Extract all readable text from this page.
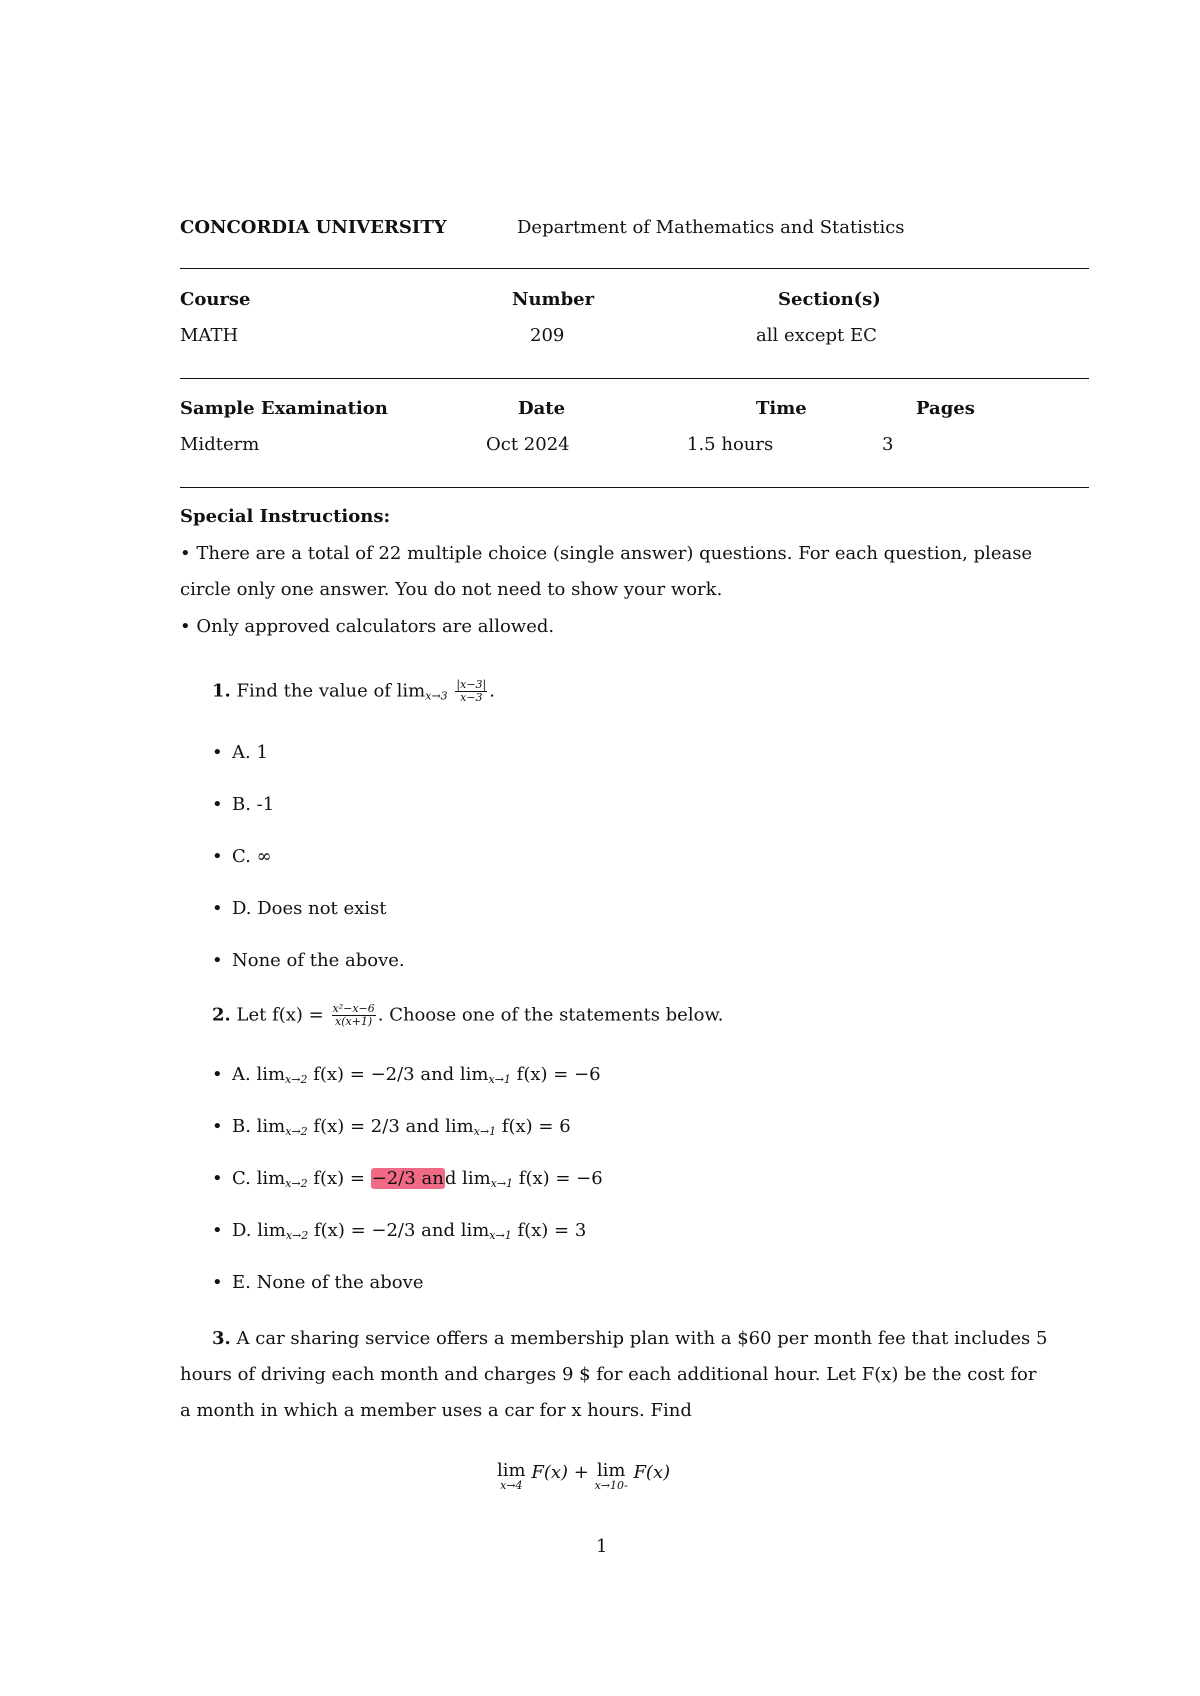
CONCORDIA UNIVERSITY	Department of Mathematics and Statistics
Course	Number	Section(s)
MATH	209	all except EC
Sample Examination	Date	Time	Pages
Midterm	Oct 2024	1.5 hours	3
Special Instructions:
• There are a total of 22 multiple choice (single answer) questions. For each question, please
circle only one answer. You do not need to show your work.
• Only approved calculators are allowed.
1. Find the value of $\lim_{x\to 3} \frac{|x-3|}{x-3}$ .
• A. 1
• B. -1
• C. ∞
• D. Does not exist
• None of the above.
2. Let $f(x) = \frac{\text{x²−x−6}}{x(x+1)}$ . Choose one of the statements below.
• A. $\lim_{x\to 2} f(x) = -2/3$ and $\lim_{x\to 1} f(x) = -6$
• B. $\lim_{x\to 2} f(x) = 2/3$ and $\lim_{x\to 1} f(x) = 6$
• C. $\lim_{x\to 2} f(x) = -2/3$ and $\lim_{x\to 1} f(x) = -6$
• D. $\lim_{x\to 2} f(x) = -2/3$ and $\lim_{x\to 1} f(x) = 3$
• E. None of the above
3. A car sharing service offers a membership plan with a $60 per month fee that includes 5
hours of driving each month and charges 9 $ for each additional hour. Let F(x) be the cost for
a month in which a member uses a car for x hours. Find
lim
x→4
F(x) + lim
x→10-
F(x)
1
